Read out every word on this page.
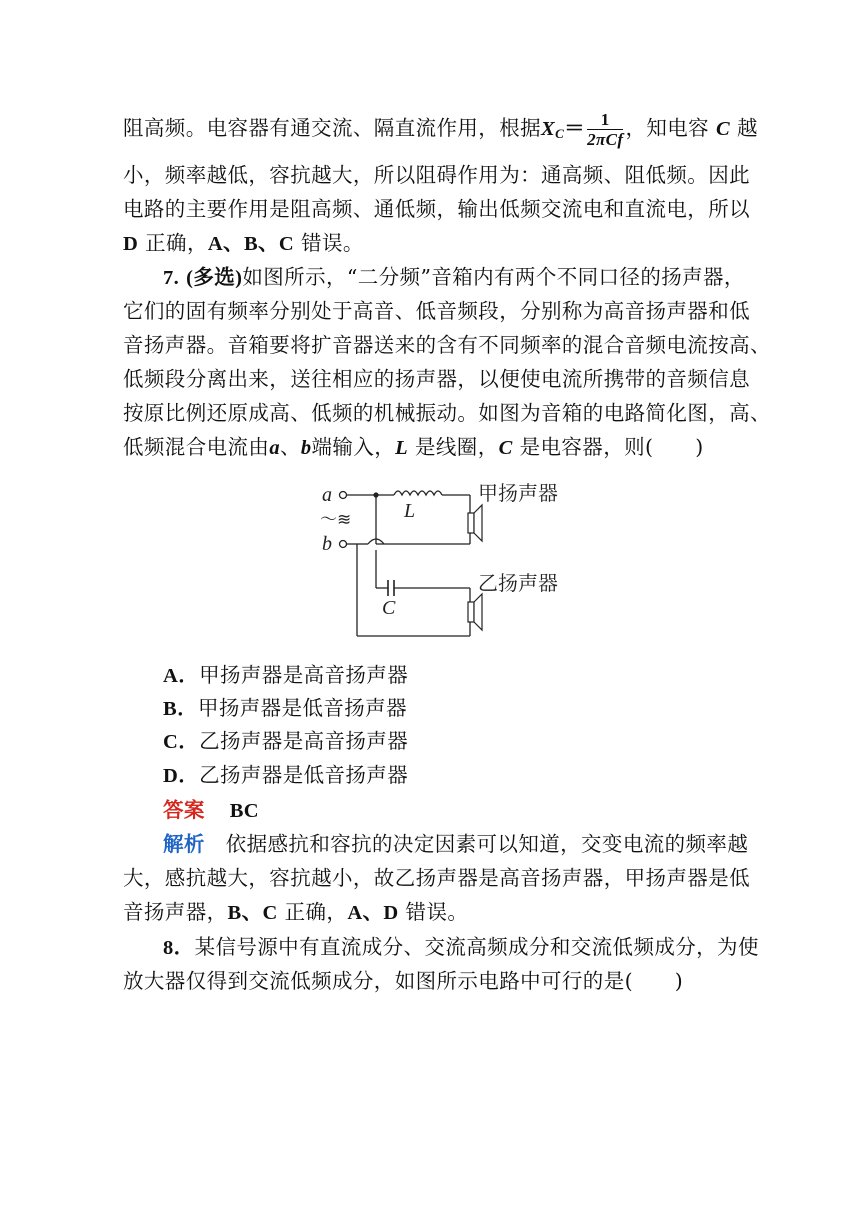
阻高频。电容器有通交流、隔直流作用，根据$X_C= \frac{1}{\text{2πCf}}$ ，知电容 C 越
小，频率越低，容抗越大，所以阻碍作用为：通高频、阻低频。因此
电路的主要作用是阻高频、通低频，输出低频交流电和直流电，所以
D 正确，A、B、C 错误。
7. (多选)如图所示，“二分频”音箱内有两个不同口径的扬声器，
它们的固有频率分别处于高音、低音频段，分别称为高音扬声器和低
音扬声器。音箱要将扩音器送来的含有不同频率的混合音频电流按高、
低频段分离出来，送往相应的扬声器，以便使电流所携带的音频信息
按原比例还原成高、低频的机械振动。如图为音箱的电路简化图，高、
低频混合电流由a、b端输入，L 是线圈，C 是电容器，则(　　)
a
～≋
b
L
甲扬声器
C
乙扬声器
A．甲扬声器是高音扬声器
B．甲扬声器是低音扬声器
C．乙扬声器是高音扬声器
D．乙扬声器是低音扬声器
答案 BC
解析 依据感抗和容抗的决定因素可以知道，交变电流的频率越
大，感抗越大，容抗越小，故乙扬声器是高音扬声器，甲扬声器是低
音扬声器，B、C 正确，A、D 错误。
8．某信号源中有直流成分、交流高频成分和交流低频成分，为使
放大器仅得到交流低频成分，如图所示电路中可行的是(　　)
